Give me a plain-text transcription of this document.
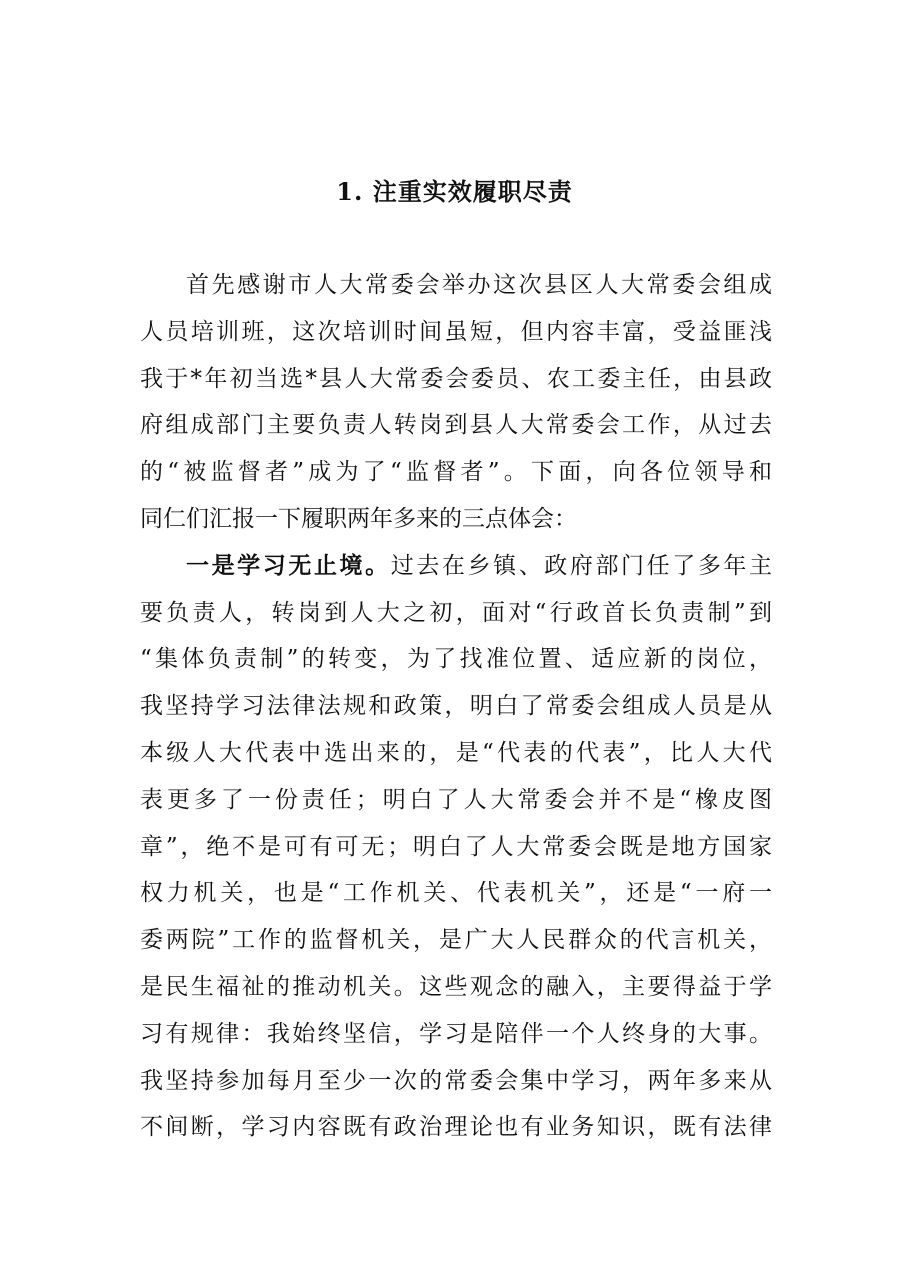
1. 注重实效履职尽责
首先感谢市人大常委会举办这次县区人大常委会组成
人员培训班，这次培训时间虽短，但内容丰富，受益匪浅
我于*年初当选*县人大常委会委员、农工委主任，由县政
府组成部门主要负责人转岗到县人大常委会工作，从过去
的“被监督者”成为了“监督者”。下面，向各位领导和
同仁们汇报一下履职两年多来的三点体会：
一是学习无止境。过去在乡镇、政府部门任了多年主
要负责人，转岗到人大之初，面对“行政首长负责制”到
“集体负责制”的转变，为了找准位置、适应新的岗位，
我坚持学习法律法规和政策，明白了常委会组成人员是从
本级人大代表中选出来的，是“代表的代表”，比人大代
表更多了一份责任；明白了人大常委会并不是“橡皮图
章”，绝不是可有可无；明白了人大常委会既是地方国家
权力机关，也是“工作机关、代表机关”，还是“一府一
委两院”工作的监督机关，是广大人民群众的代言机关，
是民生福祉的推动机关。这些观念的融入，主要得益于学
习有规律：我始终坚信，学习是陪伴一个人终身的大事。
我坚持参加每月至少一次的常委会集中学习，两年多来从
不间断，学习内容既有政治理论也有业务知识，既有法律
